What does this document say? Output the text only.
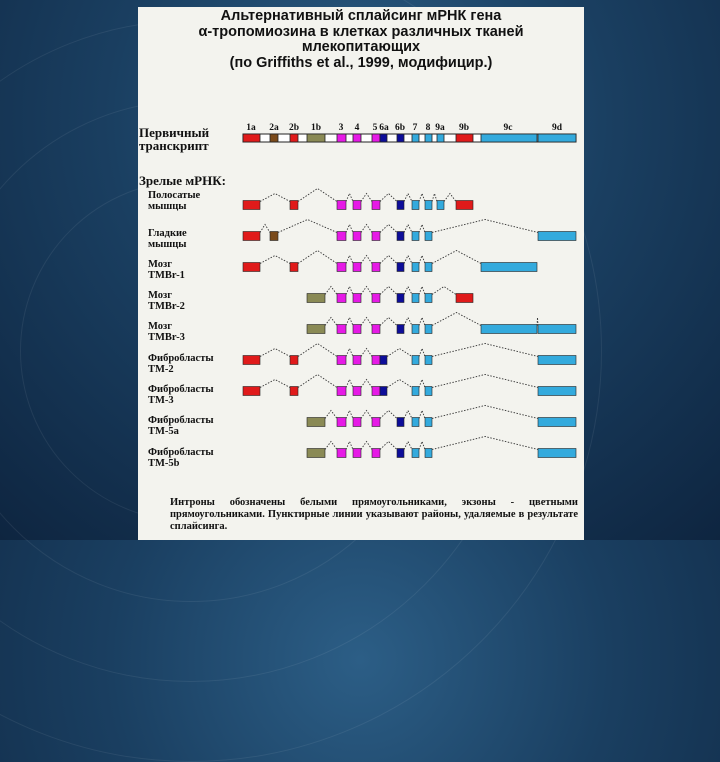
Альтернативный сплайсинг мРНК гена
α-тропомиозина в клетках различных тканей
млекопитающих
(по Griffiths et al., 1999, модифицир.)
Первичный
транскрипт
Зрелые мРНК:
Полосатые
мышцы
Гладкие
мышцы
Мозг
TMBr-1
Мозг
TMBr-2
Мозг
TMBr-3
Фибробласты
TM-2
Фибробласты
TM-3
Фибробласты
TM-5a
Фибробласты
TM-5b
1a 2a 2b 1b 3 4 5 6a 6b 7 8 9a 9b	9c	9d
Интроны обозначены белыми прямоугольниками, экзоны - цветными прямоугольниками. Пунктирные линии указывают районы, удаляемые в результате сплайсинга.
